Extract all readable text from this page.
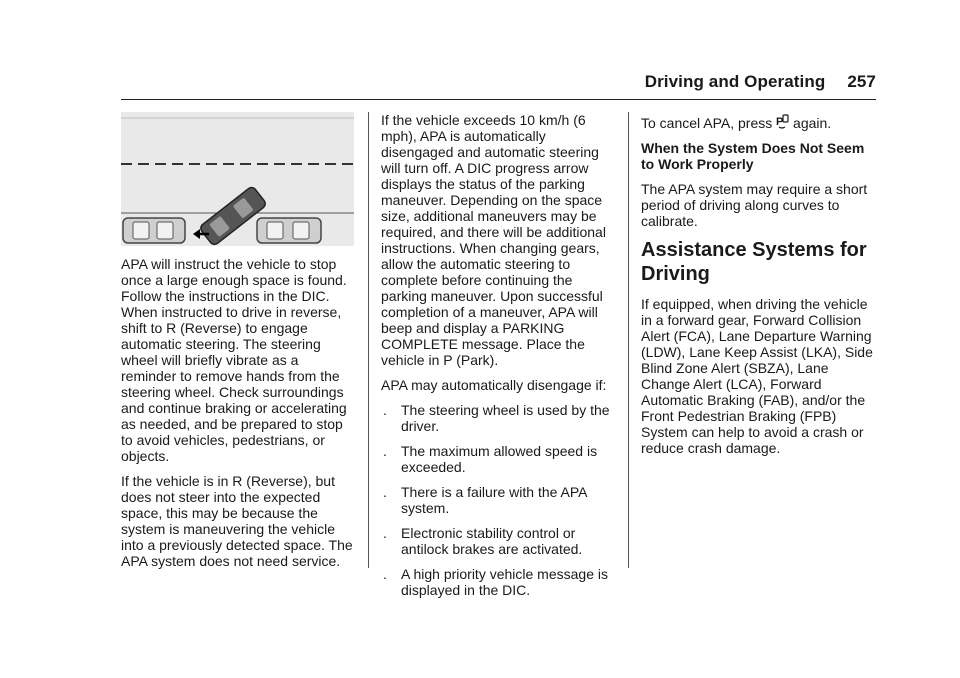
Driving and Operating 257

APA will instruct the vehicle to stop once a large enough space is found. Follow the instructions in the DIC. When instructed to drive in reverse, shift to R (Reverse) to engage automatic steering. The steering wheel will briefly vibrate as a reminder to remove hands from the steering wheel. Check surroundings and continue braking or accelerating as needed, and be prepared to stop to avoid vehicles, pedestrians, or objects.

If the vehicle is in R (Reverse), but does not steer into the expected space, this may be because the system is maneuvering the vehicle into a previously detected space. The APA system does not need service.

If the vehicle exceeds 10 km/h (6 mph), APA is automatically disengaged and automatic steering will turn off. A DIC progress arrow displays the status of the parking maneuver. Depending on the space size, additional maneuvers may be required, and there will be additional instructions. When changing gears, allow the automatic steering to complete before continuing the parking maneuver. Upon successful completion of a maneuver, APA will beep and display a PARKING COMPLETE message. Place the vehicle in P (Park).

APA may automatically disengage if:

.	The steering wheel is used by the driver.
.	The maximum allowed speed is exceeded.
.	There is a failure with the APA system.
.	Electronic stability control or antilock brakes are activated.
.	A high priority vehicle message is displayed in the DIC.

To cancel APA, press P again.

When the System Does Not Seem to Work Properly

The APA system may require a short period of driving along curves to calibrate.

Assistance Systems for Driving

If equipped, when driving the vehicle in a forward gear, Forward Collision Alert (FCA), Lane Departure Warning (LDW), Lane Keep Assist (LKA), Side Blind Zone Alert (SBZA), Lane Change Alert (LCA), Forward Automatic Braking (FAB), and/or the Front Pedestrian Braking (FPB) System can help to avoid a crash or reduce crash damage.
